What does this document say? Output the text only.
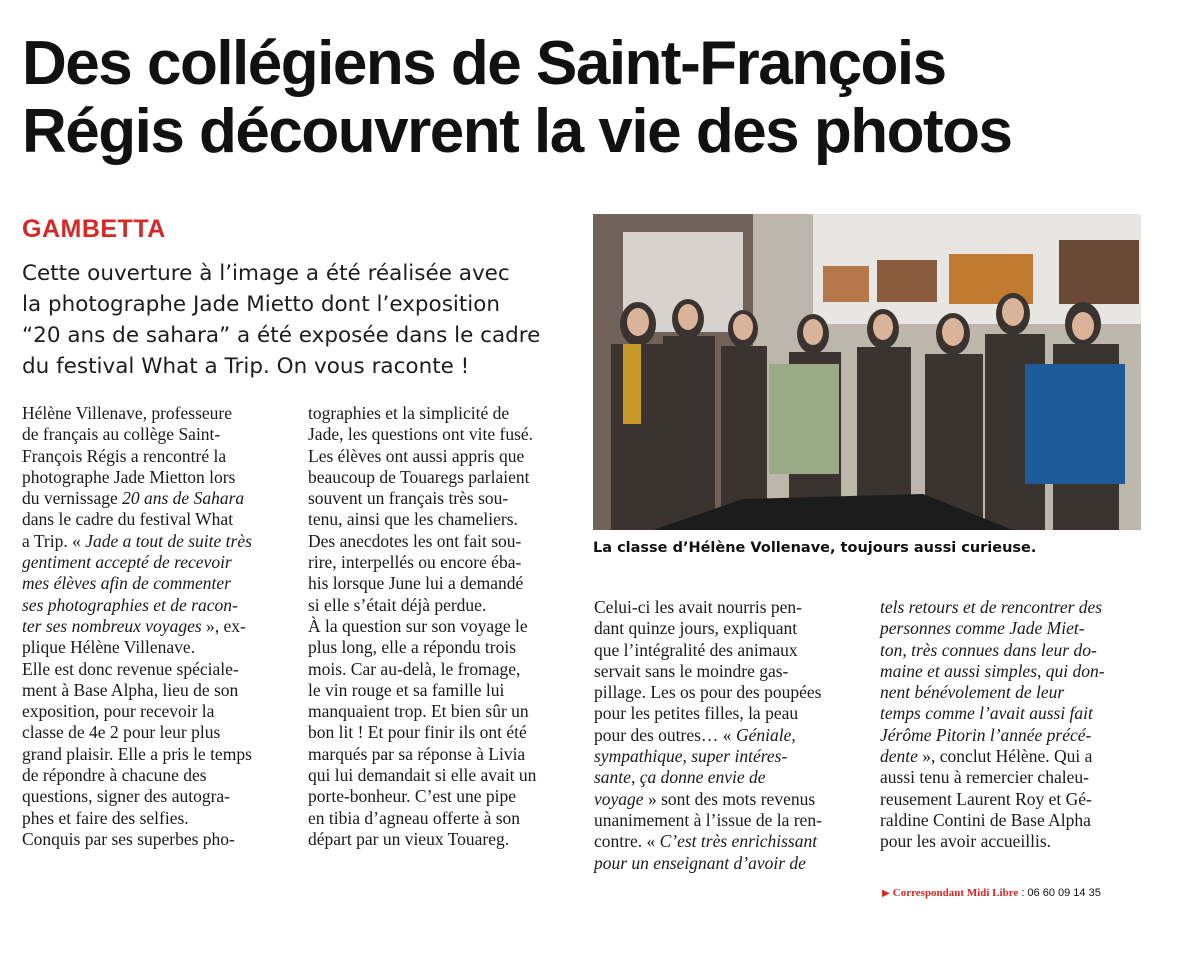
Des collégiens de Saint-François
Régis découvrent la vie des photos
GAMBETTA
Cette ouverture à l’image a été réalisée avec
la photographe Jade Mietto dont l’exposition
“20 ans de sahara” a été exposée dans le cadre
du festival What a Trip. On vous raconte !
La classe d’Hélène Vollenave, toujours aussi curieuse.
Hélène Villenave, professeure
de français au collège Saint-
François Régis a rencontré la
photographe Jade Mietton lors
du vernissage 20 ans de Sahara
dans le cadre du festival What
a Trip. « Jade a tout de suite très
gentiment accepté de recevoir
mes élèves afin de commenter
ses photographies et de racon-
ter ses nombreux voyages », ex-
plique Hélène Villenave.
Elle est donc revenue spéciale-
ment à Base Alpha, lieu de son
exposition, pour recevoir la
classe de 4e 2 pour leur plus
grand plaisir. Elle a pris le temps
de répondre à chacune des
questions, signer des autogra-
phes et faire des selfies.
Conquis par ses superbes pho-
tographies et la simplicité de
Jade, les questions ont vite fusé.
Les élèves ont aussi appris que
beaucoup de Touaregs parlaient
souvent un français très sou-
tenu, ainsi que les chameliers.
Des anecdotes les ont fait sou-
rire, interpellés ou encore éba-
his lorsque June lui a demandé
si elle s’était déjà perdue.
À la question sur son voyage le
plus long, elle a répondu trois
mois. Car au-delà, le fromage,
le vin rouge et sa famille lui
manquaient trop. Et bien sûr un
bon lit ! Et pour finir ils ont été
marqués par sa réponse à Livia
qui lui demandait si elle avait un
porte-bonheur. C’est une pipe
en tibia d’agneau offerte à son
départ par un vieux Touareg.
Celui-ci les avait nourris pen-
dant quinze jours, expliquant
que l’intégralité des animaux
servait sans le moindre gas-
pillage. Les os pour des poupées
pour les petites filles, la peau
pour des outres… « Géniale,
sympathique, super intéres-
sante, ça donne envie de
voyage » sont des mots revenus
unanimement à l’issue de la ren-
contre. « C’est très enrichissant
pour un enseignant d’avoir de
tels retours et de rencontrer des
personnes comme Jade Miet-
ton, très connues dans leur do-
maine et aussi simples, qui don-
nent bénévolement de leur
temps comme l’avait aussi fait
Jérôme Pitorin l’année précé-
dente », conclut Hélène. Qui a
aussi tenu à remercier chaleu-
reusement Laurent Roy et Gé-
raldine Contini de Base Alpha
pour les avoir accueillis.
▶ Correspondant Midi Libre : 06 60 09 14 35
